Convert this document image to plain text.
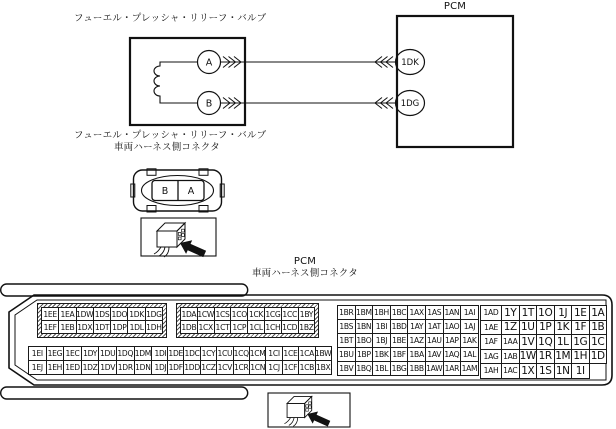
A
B
1DK
1DG
B A
フューエル・プレッシャ・リリーフ・バルブ
PCM
フューエル・プレッシャ・リリーフ・バルブ
車両ハーネス側コネクタ
PCM
車両ハーネス側コネクタ
1EE 1EA 1DW 1DS 1DO 1DK 1DG
1EF 1EB 1DX 1DT 1DP 1DL 1DH
1DA 1CW 1CS 1CO 1CK 1CG 1CC 1BY
1DB 1CX 1CT 1CP 1CL 1CH 1CD 1BZ
1EI 1EG 1EC 1DY 1DU 1DQ 1DM 1DI
1EJ 1EH 1ED 1DZ 1DV 1DR 1DN 1DJ
1DE 1DC 1CY 1CU 1CQ 1CM 1CI 1CE 1CA 1BW
1DF 1DD 1CZ 1CV 1CR 1CN 1CJ 1CF 1CB 1BX
1BR 1BM 1BH 1BC 1AX 1AS 1AN 1AI
1BS 1BN 1BI 1BD 1AY 1AT 1AO 1AJ
1BT 1BO 1BJ 1BE 1AZ 1AU 1AP 1AK
1BU 1BP 1BK 1BF 1BA 1AV 1AQ 1AL
1BV 1BQ 1BL 1BG 1BB 1AW 1AR 1AM
1AD 1Y 1T 1O 1J 1E 1A
1AE 1Z 1U 1P 1K 1F 1B
1AF 1AA 1V 1Q 1L 1G 1C
1AG 1AB 1W 1R 1M 1H 1D
1AH 1AC 1X 1S 1N 1I
